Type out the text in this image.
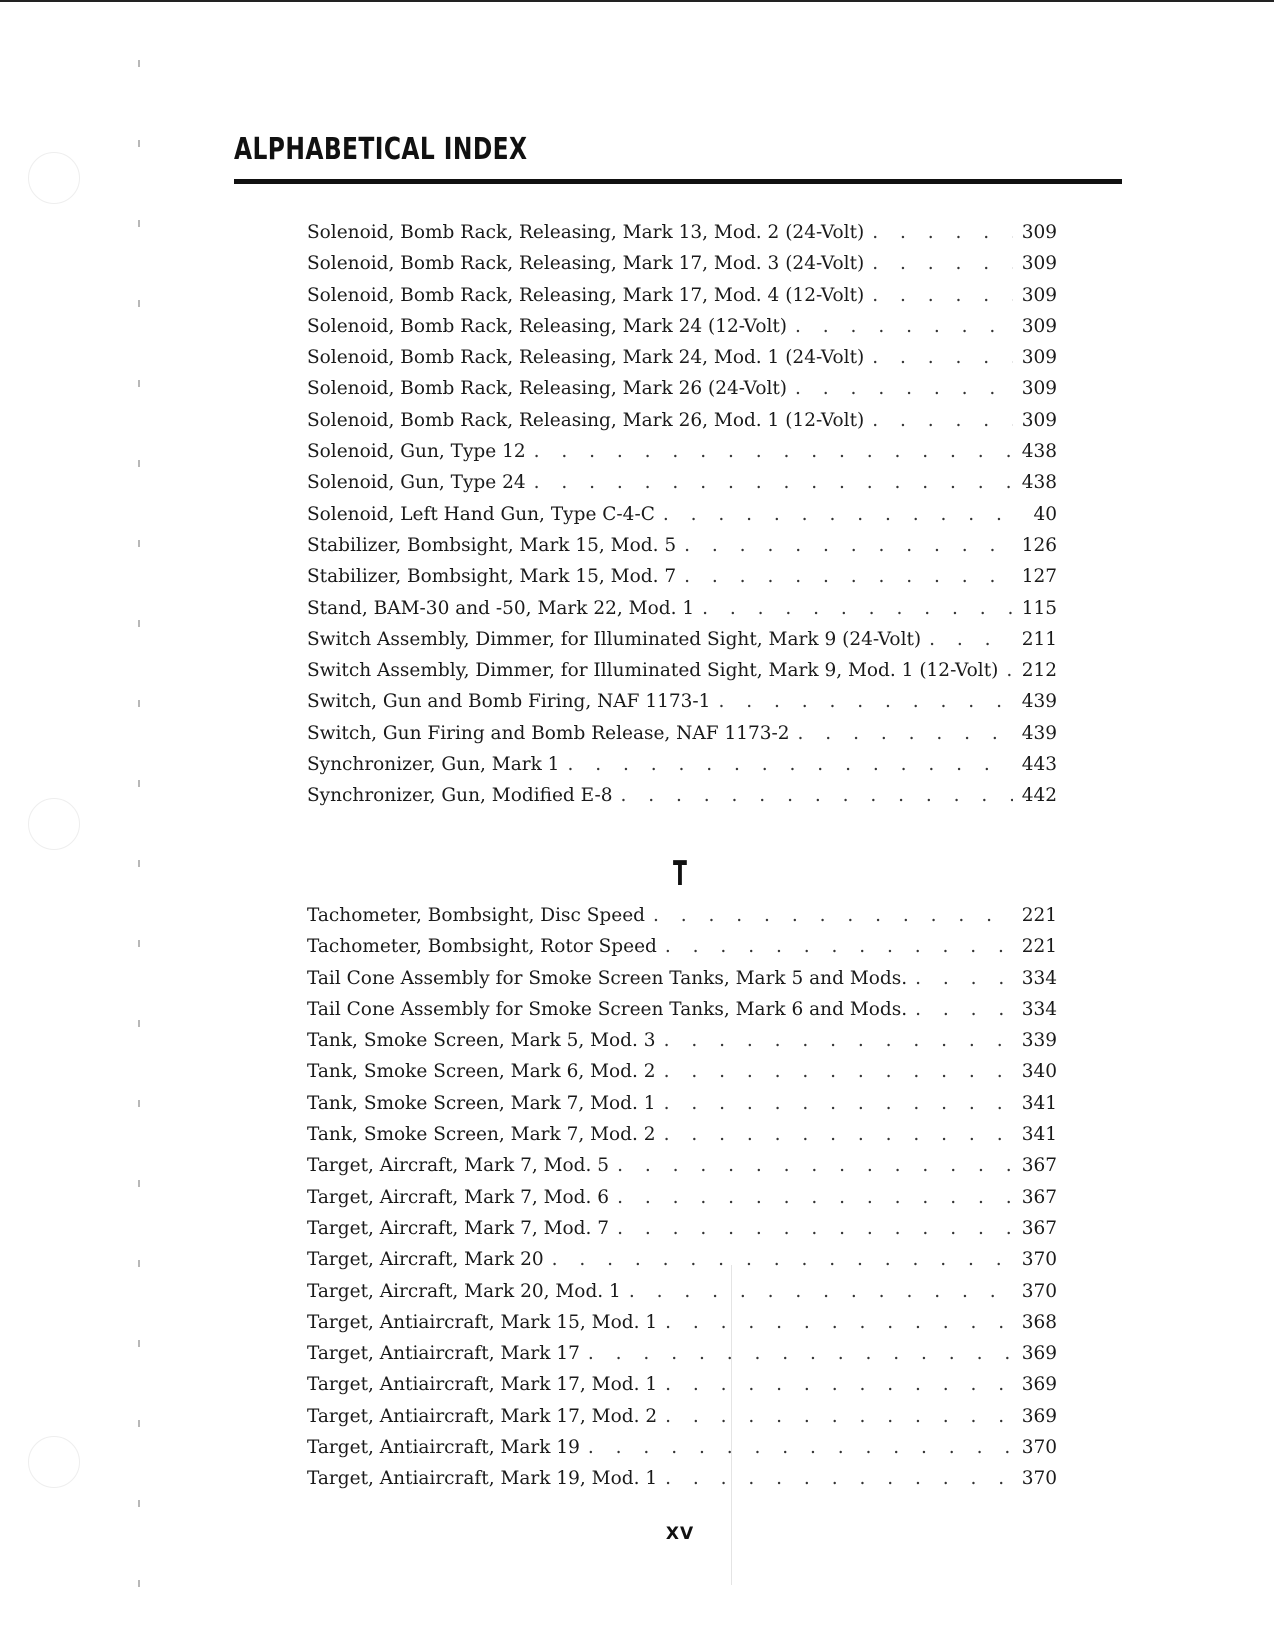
ALPHABETICAL INDEX
Solenoid, Bomb Rack, Releasing, Mark 13, Mod. 2 (24-Volt) . . .	309
Solenoid, Bomb Rack, Releasing, Mark 17, Mod. 3 (24-Volt) . . .	309
Solenoid, Bomb Rack, Releasing, Mark 17, Mod. 4 (12-Volt) . . .	309
Solenoid, Bomb Rack, Releasing, Mark 24 (12-Volt) . . .	309
Solenoid, Bomb Rack, Releasing, Mark 24, Mod. 1 (24-Volt) . . .	309
Solenoid, Bomb Rack, Releasing, Mark 26 (24-Volt) . . .	309
Solenoid, Bomb Rack, Releasing, Mark 26, Mod. 1 (12-Volt) . . .	309
Solenoid, Gun, Type 12 . . .	438
Solenoid, Gun, Type 24 . . .	438
Solenoid, Left Hand Gun, Type C-4-C . . .	40
Stabilizer, Bombsight, Mark 15, Mod. 5 . . .	126
Stabilizer, Bombsight, Mark 15, Mod. 7 . . .	127
Stand, BAM-30 and -50, Mark 22, Mod. 1 . . .	115
Switch Assembly, Dimmer, for Illuminated Sight, Mark 9 (24-Volt) . . .	211
Switch Assembly, Dimmer, for Illuminated Sight, Mark 9, Mod. 1 (12-Volt) . . . 212
Switch, Gun and Bomb Firing, NAF 1173-1 . . .	439
Switch, Gun Firing and Bomb Release, NAF 1173-2 . . .	439
Synchronizer, Gun, Mark 1 . . .	443
Synchronizer, Gun, Modified E-8 . . .	442
T
Tachometer, Bombsight, Disc Speed . . .	221
Tachometer, Bombsight, Rotor Speed . . .	221
Tail Cone Assembly for Smoke Screen Tanks, Mark 5 and Mods. . . .	334
Tail Cone Assembly for Smoke Screen Tanks, Mark 6 and Mods. . . .	334
Tank, Smoke Screen, Mark 5, Mod. 3 . . .	339
Tank, Smoke Screen, Mark 6, Mod. 2 . . .	340
Tank, Smoke Screen, Mark 7, Mod. 1 . . .	341
Tank, Smoke Screen, Mark 7, Mod. 2 . . .	341
Target, Aircraft, Mark 7, Mod. 5 . . .	367
Target, Aircraft, Mark 7, Mod. 6 . . .	367
Target, Aircraft, Mark 7, Mod. 7 . . .	367
Target, Aircraft, Mark 20 . . .	370
Target, Aircraft, Mark 20, Mod. 1 . . .	370
Target, Antiaircraft, Mark 15, Mod. 1 . . .	368
Target, Antiaircraft, Mark 17 . . .	369
Target, Antiaircraft, Mark 17, Mod. 1 . . .	369
Target, Antiaircraft, Mark 17, Mod. 2 . . .	369
Target, Antiaircraft, Mark 19 . . .	370
Target, Antiaircraft, Mark 19, Mod. 1 . . .	370
XV
